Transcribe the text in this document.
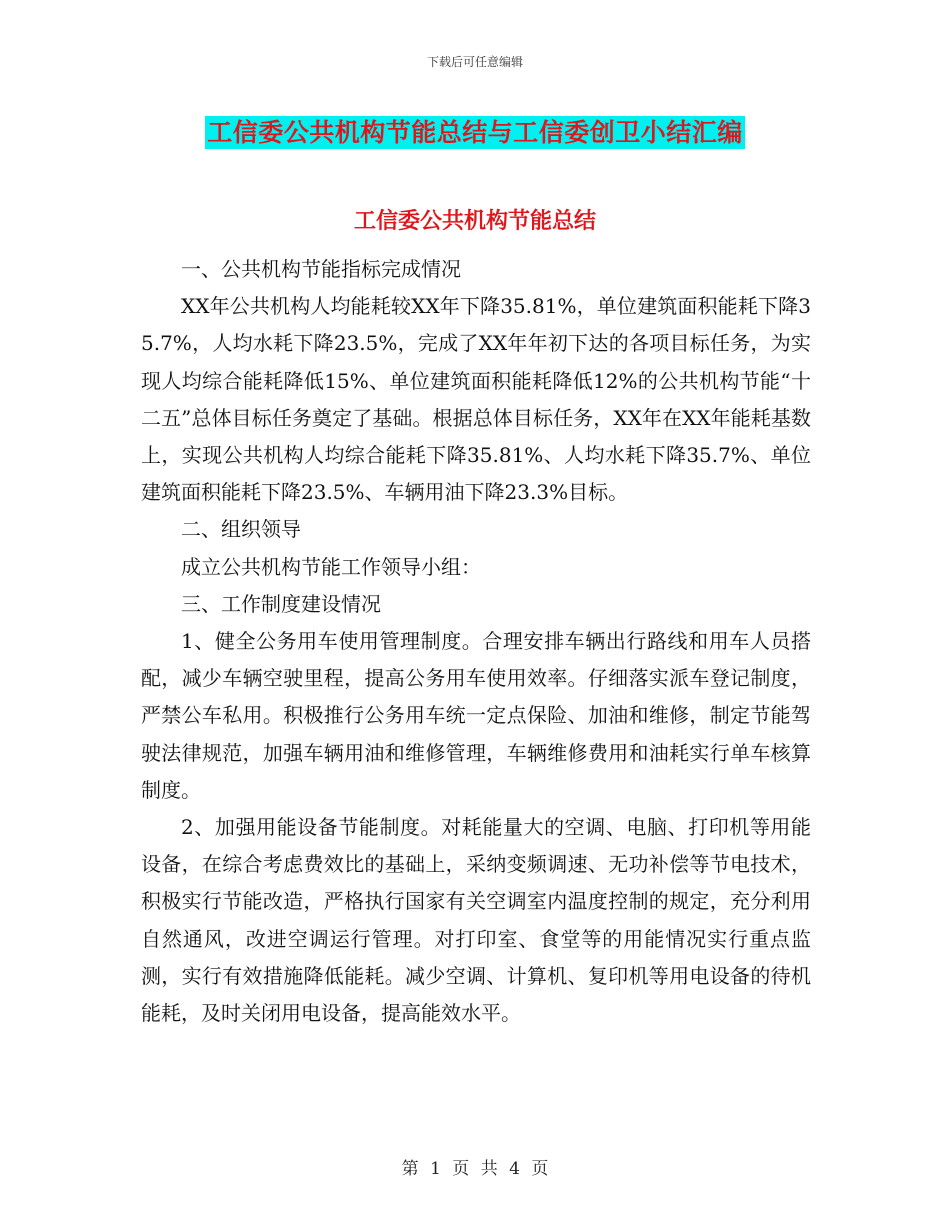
下载后可任意编辑
工信委公共机构节能总结与工信委创卫小结汇编
工信委公共机构节能总结

一、公共机构节能指标完成情况

XX年公共机构人均能耗较XX年下降35.81%，单位建筑面积能耗下降35.7%，人均水耗下降23.5%，完成了XX年年初下达的各项目标任务，为实现人均综合能耗降低15%、单位建筑面积能耗降低12%的公共机构节能“十二五”总体目标任务奠定了基础。根据总体目标任务，XX年在XX年能耗基数上，实现公共机构人均综合能耗下降35.81%、人均水耗下降35.7%、单位建筑面积能耗下降23.5%、车辆用油下降23.3%目标。

二、组织领导

成立公共机构节能工作领导小组：

三、工作制度建设情况

1、健全公务用车使用管理制度。合理安排车辆出行路线和用车人员搭配，减少车辆空驶里程，提高公务用车使用效率。仔细落实派车登记制度，严禁公车私用。积极推行公务用车统一定点保险、加油和维修，制定节能驾驶法律规范，加强车辆用油和维修管理，车辆维修费用和油耗实行单车核算制度。

2、加强用能设备节能制度。对耗能量大的空调、电脑、打印机等用能设备，在综合考虑费效比的基础上，采纳变频调速、无功补偿等节电技术，积极实行节能改造，严格执行国家有关空调室内温度控制的规定，充分利用自然通风，改进空调运行管理。对打印室、食堂等的用能情况实行重点监测，实行有效措施降低能耗。减少空调、计算机、复印机等用电设备的待机能耗，及时关闭用电设备，提高能效水平。

第 1 页 共 4 页
